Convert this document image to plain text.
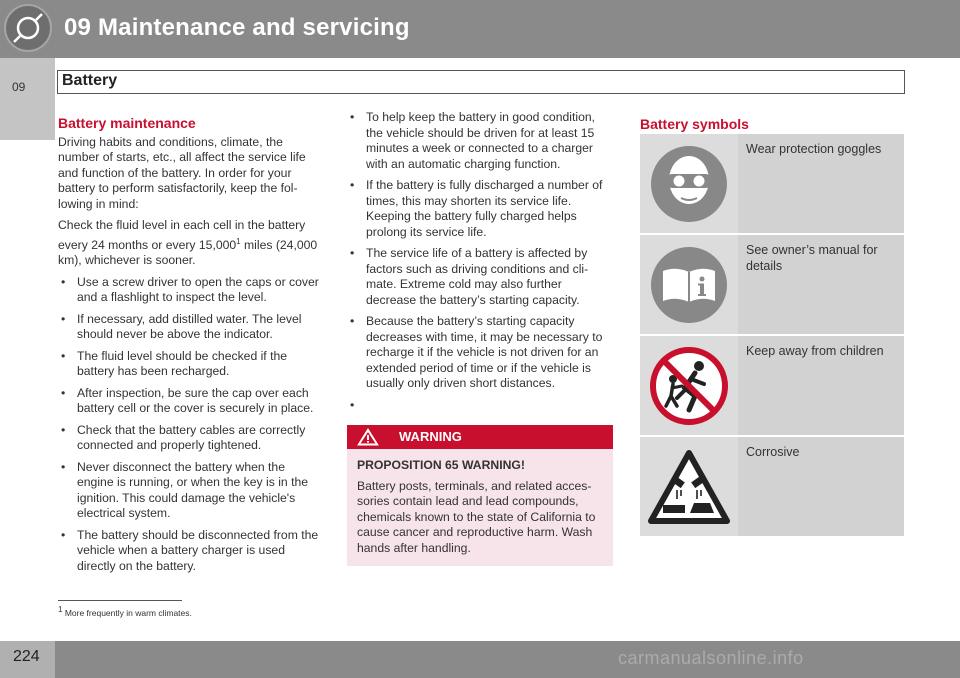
09 Maintenance and servicing
09 Battery
Battery maintenance

Driving habits and conditions, climate, the number of starts, etc., all affect the service life and function of the battery. In order for your battery to perform satisfactorily, keep the fol-lowing in mind:

Check the fluid level in each cell in the battery every 24 months or every 15,000$^1$ miles (24,000 km), whichever is sooner.

• Use a screw driver to open the caps or cover and a flashlight to inspect the level.
• If necessary, add distilled water. The level should never be above the indicator.
• The fluid level should be checked if the battery has been recharged.
• After inspection, be sure the cap over each battery cell or the cover is securely in place.
• Check that the battery cables are correctly connected and properly tightened.
• Never disconnect the battery when the engine is running, or when the key is in the ignition. This could damage the vehicle's electrical system.
• The battery should be disconnected from the vehicle when a battery charger is used directly on the battery.
• To help keep the battery in good condition, the vehicle should be driven for at least 15 minutes a week or connected to a charger with an automatic charging function.
• If the battery is fully discharged a number of times, this may shorten its service life. Keeping the battery fully charged helps prolong its service life.
• The service life of a battery is affected by factors such as driving conditions and cli-mate. Extreme cold may also further decrease the battery’s starting capacity.
• Because the battery’s starting capacity decreases with time, it may be necessary to recharge it if the vehicle is not driven for an extended period of time or if the vehicle is usually only driven short distances.
•

WARNING
PROPOSITION 65 WARNING!
Battery posts, terminals, and related acces-sories contain lead and lead compounds, chemicals known to the state of California to cause cancer and reproductive harm. Wash hands after handling.
Battery symbols
Wear protection goggles
See owner’s manual for details
Keep away from children
Corrosive
$^1$ More frequently in warm climates.
224	carmanualsonline.info
